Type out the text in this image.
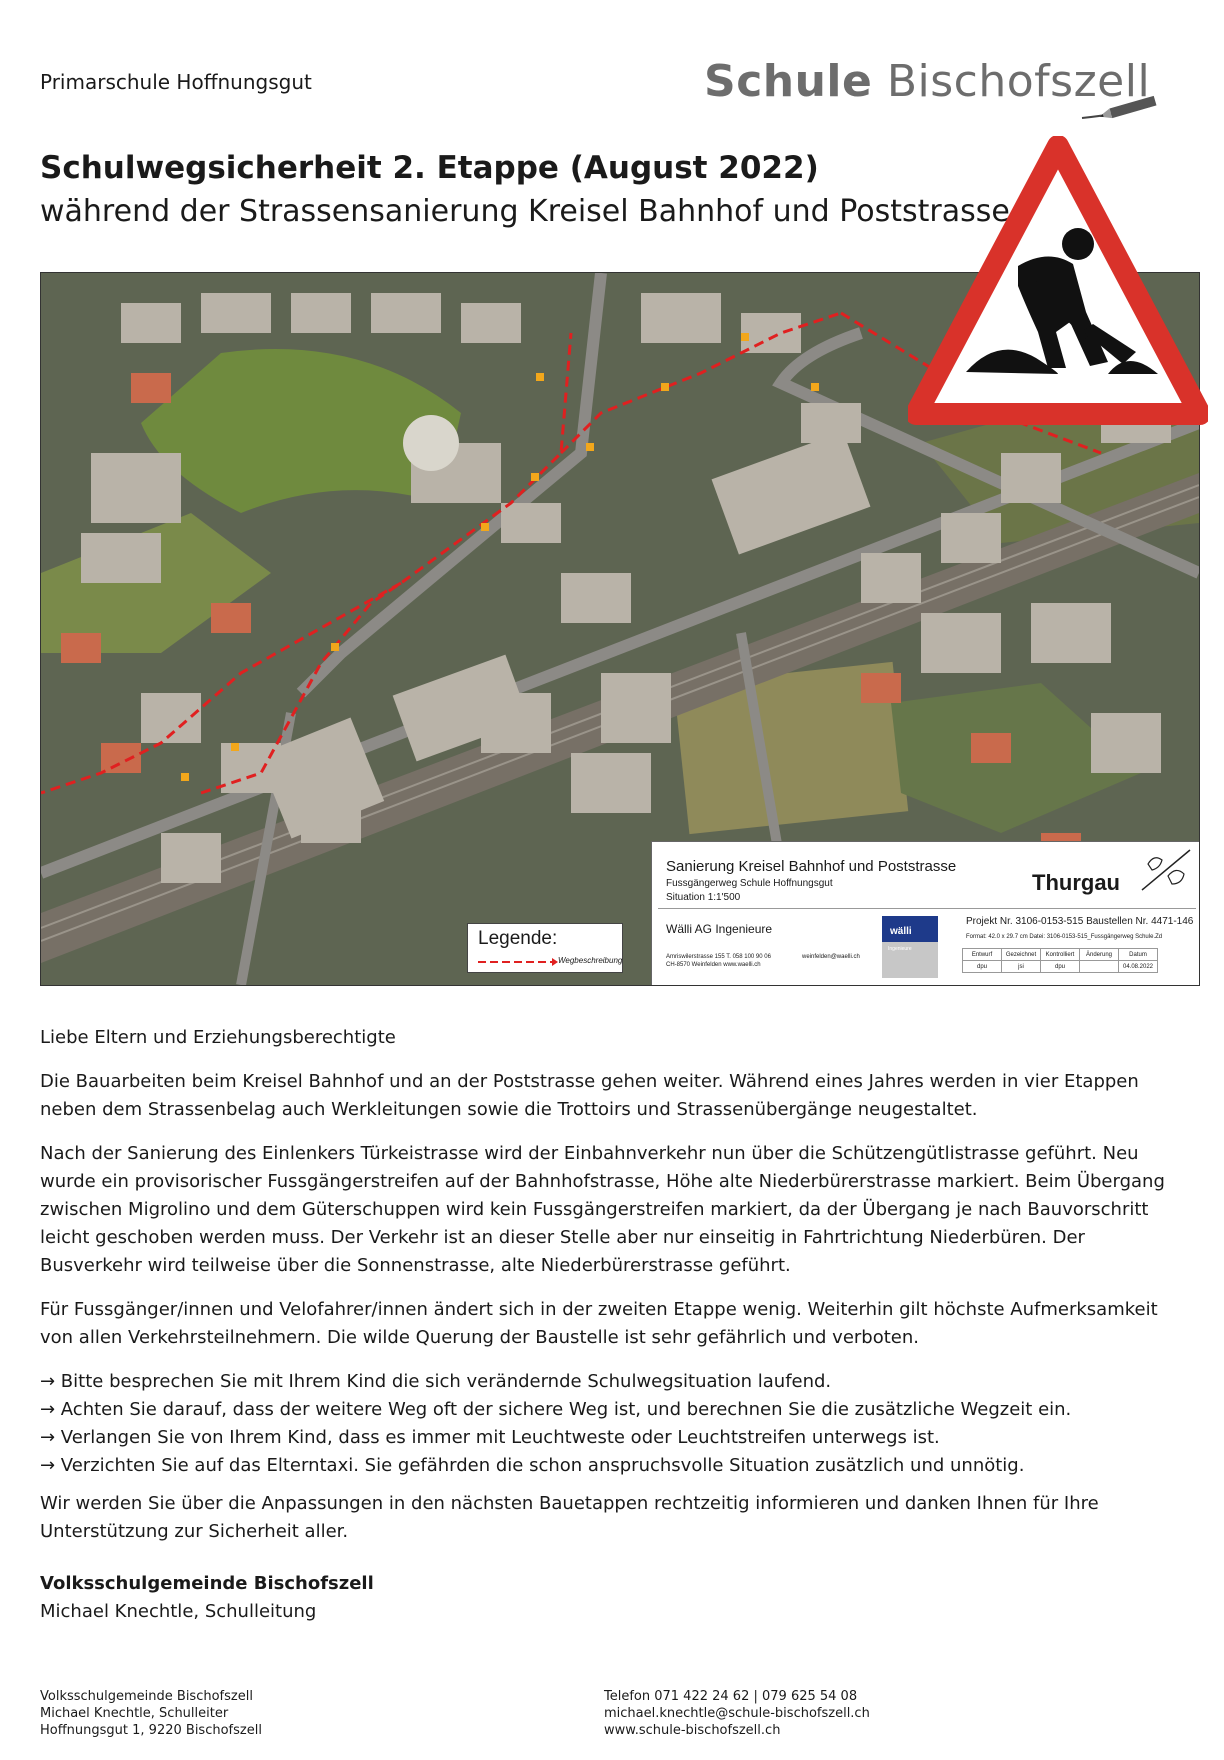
Primarschule Hoffnungsgut	Schule Bischofszell
Schulwegsicherheit 2. Etappe (August 2022)
während der Strassensanierung Kreisel Bahnhof und Poststrasse
Legende:
Wegbeschreibung
Sanierung Kreisel Bahnhof und Poststrasse
Fussgängerweg Schule Hoffnungsgut
Situation 1:1'500
Wälli AG Ingenieure
Amriswilerstrasse 155 T. 058 100 90 06
CH-8570 Weinfelden www.waelli.ch
weinfelden@waelli.ch
Thurgau
wälli
Ingenieure
Projekt Nr. 3106-0153-515 Baustellen Nr. 4471-146
Format: 42.0 x 29.7 cm Datei: 3106-0153-515_Fussgängerweg Schule.Zd
Entwurf	Gezeichnet	Kontrolliert	Änderung	Datum
dpu	jsi	dpu		04.08.2022
Liebe Eltern und Erziehungsberechtigte
Die Bauarbeiten beim Kreisel Bahnhof und an der Poststrasse gehen weiter. Während eines Jahres werden in vier Etappen neben dem Strassenbelag auch Werkleitungen sowie die Trottoirs und Strassenübergänge neugestaltet.
Nach der Sanierung des Einlenkers Türkeistrasse wird der Einbahnverkehr nun über die Schützengütlistrasse geführt. Neu wurde ein provisorischer Fussgängerstreifen auf der Bahnhofstrasse, Höhe alte Niederbürerstrasse markiert. Beim Übergang zwischen Migrolino und dem Güterschuppen wird kein Fussgängerstreifen markiert, da der Übergang je nach Bauvorschritt leicht geschoben werden muss. Der Verkehr ist an dieser Stelle aber nur einseitig in Fahrtrichtung Niederbüren. Der Busverkehr wird teilweise über die Sonnenstrasse, alte Niederbürerstrasse geführt.
Für Fussgänger/innen und Velofahrer/innen ändert sich in der zweiten Etappe wenig. Weiterhin gilt höchste Aufmerksamkeit von allen Verkehrsteilnehmern. Die wilde Querung der Baustelle ist sehr gefährlich und verboten.
→ Bitte besprechen Sie mit Ihrem Kind die sich verändernde Schulwegsituation laufend.
→ Achten Sie darauf, dass der weitere Weg oft der sichere Weg ist, und berechnen Sie die zusätzliche Wegzeit ein.
→ Verlangen Sie von Ihrem Kind, dass es immer mit Leuchtweste oder Leuchtstreifen unterwegs ist.
→ Verzichten Sie auf das Elterntaxi. Sie gefährden die schon anspruchsvolle Situation zusätzlich und unnötig.
Wir werden Sie über die Anpassungen in den nächsten Bauetappen rechtzeitig informieren und danken Ihnen für Ihre Unterstützung zur Sicherheit aller.
Volksschulgemeinde Bischofszell
Michael Knechtle, Schulleitung
Volksschulgemeinde Bischofszell
Michael Knechtle, Schulleiter
Hoffnungsgut 1, 9220 Bischofszell
Telefon 071 422 24 62 | 079 625 54 08
michael.knechtle@schule-bischofszell.ch
www.schule-bischofszell.ch
